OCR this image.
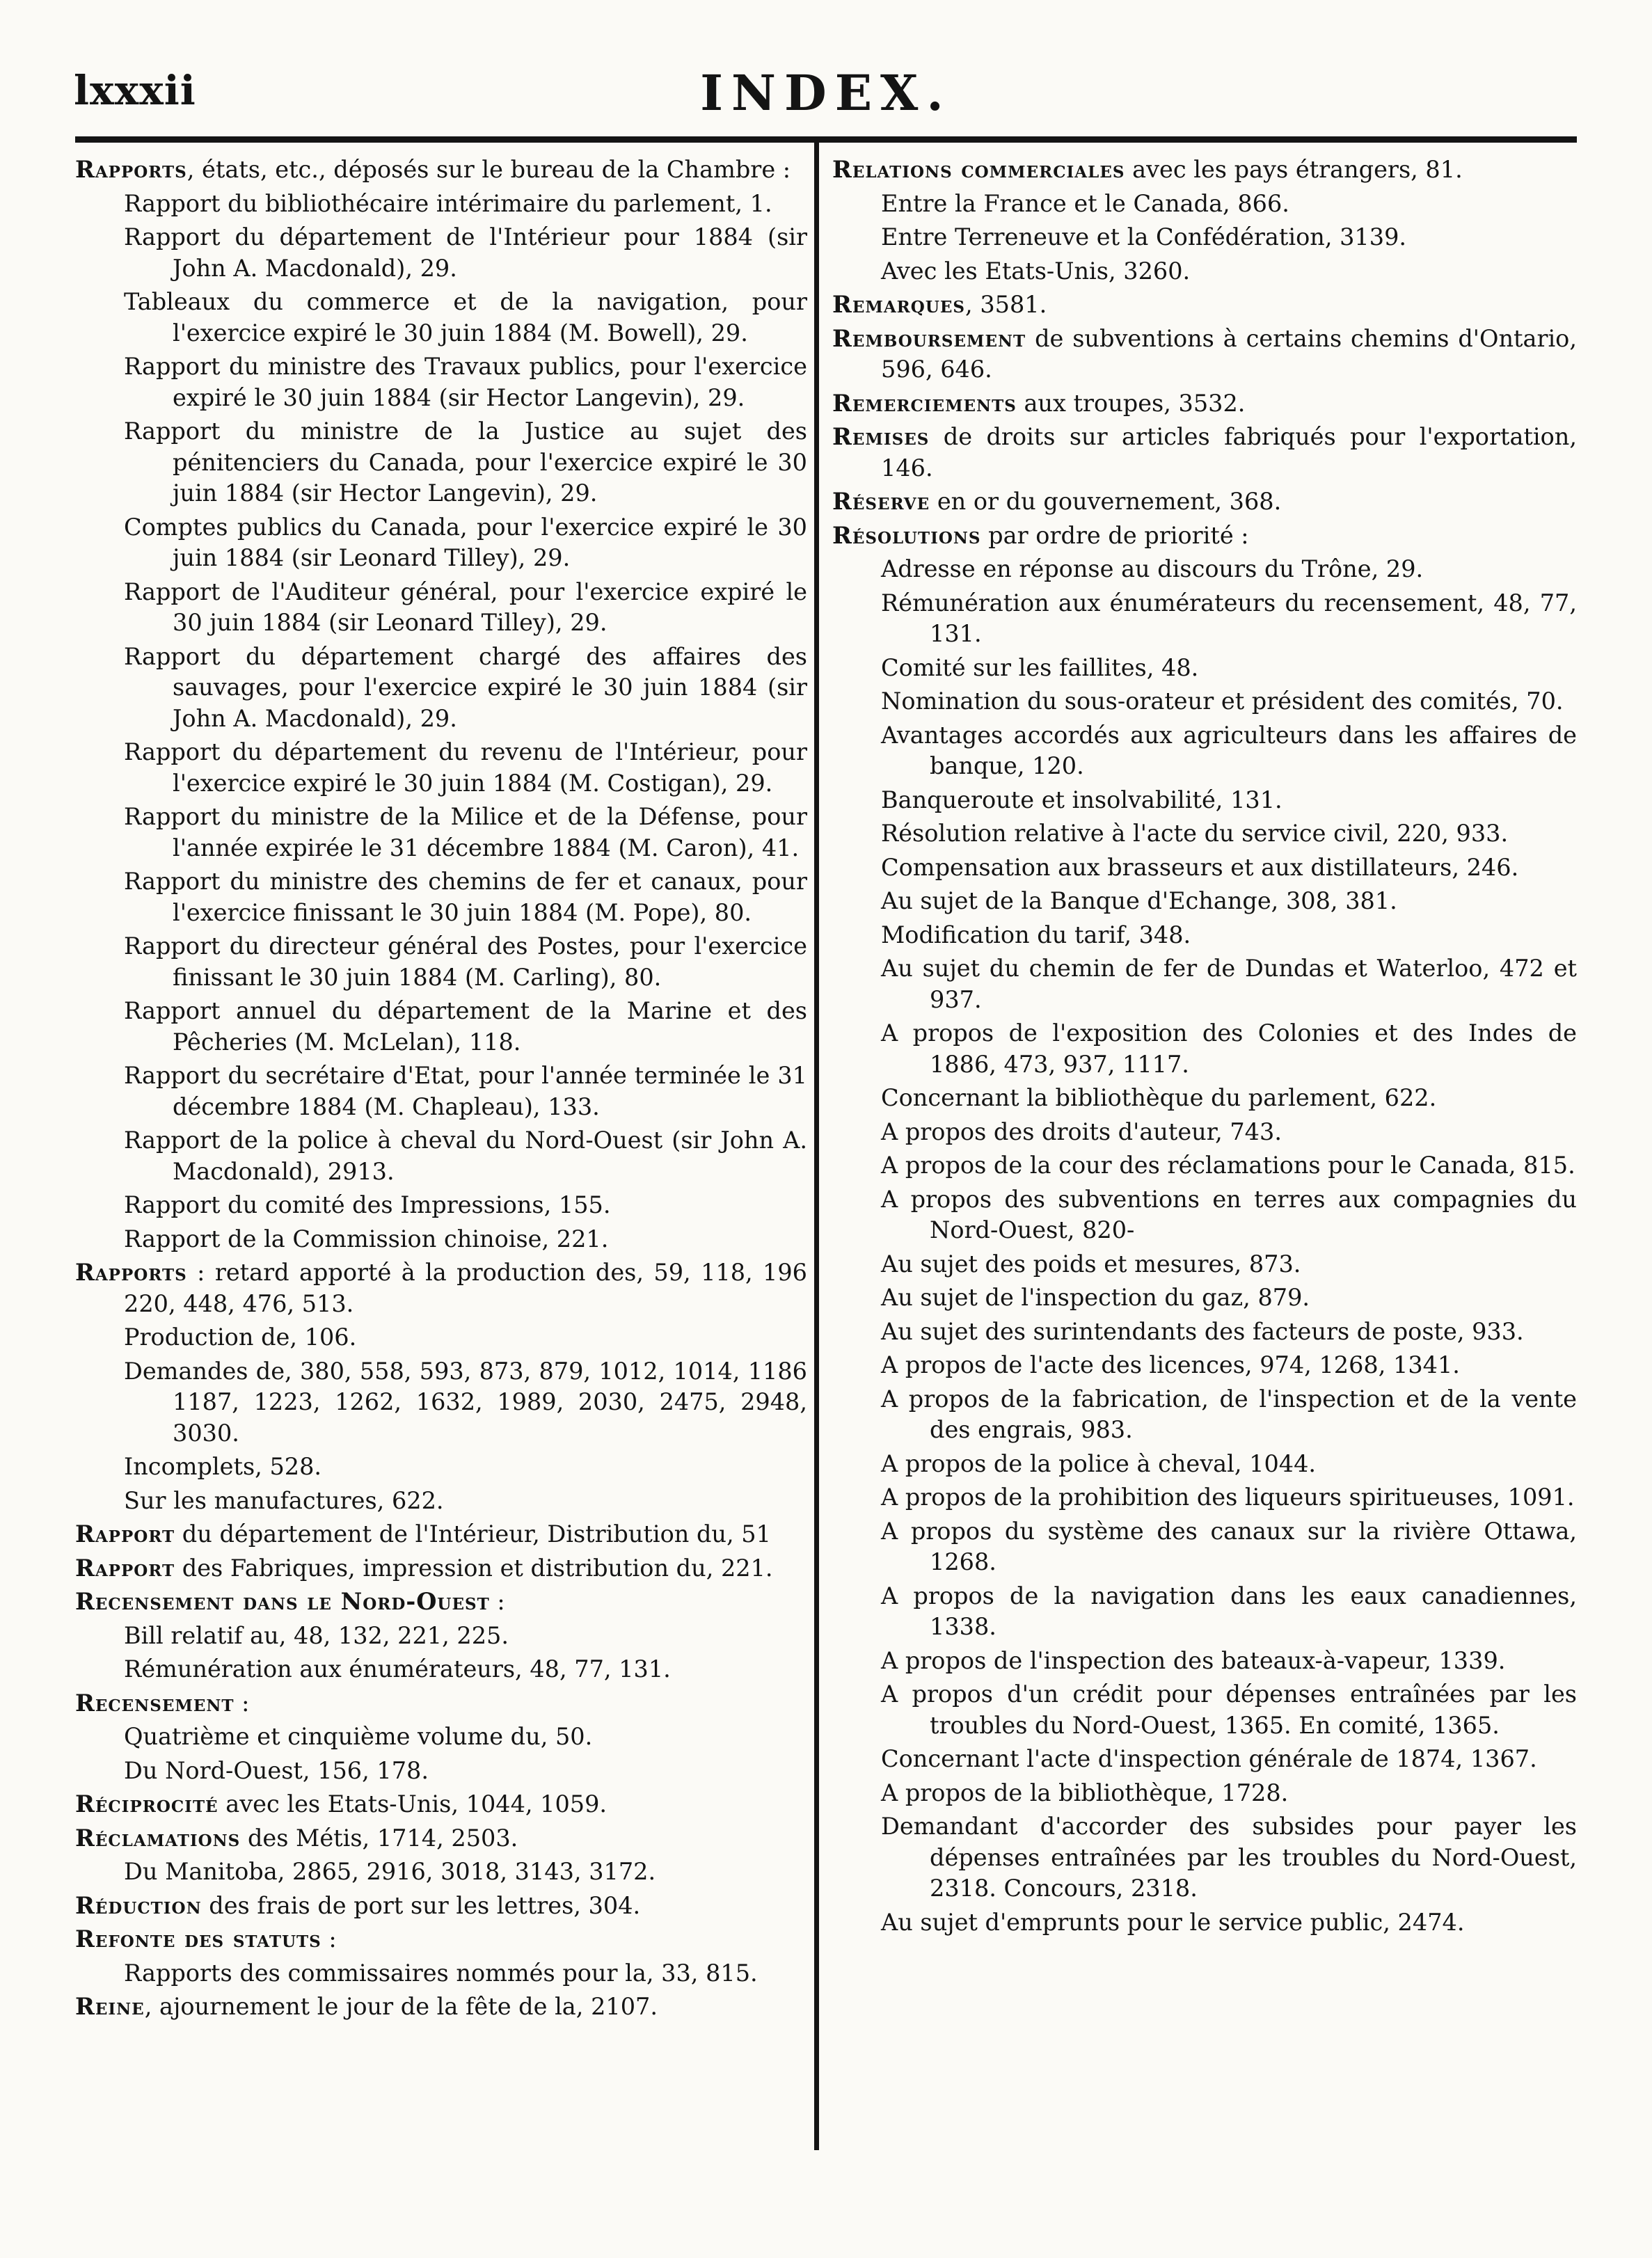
lxxxii	INDEX.

Rapports, états, etc., déposés sur le bureau de la Chambre :

Rapport du bibliothécaire intérimaire du parlement, 1.

Rapport du département de l'Intérieur pour 1884 (sir John A. Macdonald), 29.

Tableaux du commerce et de la navigation, pour l'exercice expiré le 30 juin 1884 (M. Bowell), 29.

Rapport du ministre des Travaux publics, pour l'exercice expiré le 30 juin 1884 (sir Hector Langevin), 29.

Rapport du ministre de la Justice au sujet des pénitenciers du Canada, pour l'exercice expiré le 30 juin 1884 (sir Hector Langevin), 29.

Comptes publics du Canada, pour l'exercice expiré le 30 juin 1884 (sir Leonard Tilley), 29.

Rapport de l'Auditeur général, pour l'exercice expiré le 30 juin 1884 (sir Leonard Tilley), 29.

Rapport du département chargé des affaires des sauvages, pour l'exercice expiré le 30 juin 1884 (sir John A. Macdonald), 29.

Rapport du département du revenu de l'Intérieur, pour l'exercice expiré le 30 juin 1884 (M. Costigan), 29.

Rapport du ministre de la Milice et de la Défense, pour l'année expirée le 31 décembre 1884 (M. Caron), 41.

Rapport du ministre des chemins de fer et canaux, pour l'exercice finissant le 30 juin 1884 (M. Pope), 80.

Rapport du directeur général des Postes, pour l'exercice finissant le 30 juin 1884 (M. Carling), 80.

Rapport annuel du département de la Marine et des Pêcheries (M. McLelan), 118.

Rapport du secrétaire d'Etat, pour l'année terminée le 31 décembre 1884 (M. Chapleau), 133.

Rapport de la police à cheval du Nord-Ouest (sir John A. Macdonald), 2913.

Rapport du comité des Impressions, 155.

Rapport de la Commission chinoise, 221.

Rapports : retard apporté à la production des, 59, 118, 196 220, 448, 476, 513.

Production de, 106.

Demandes de, 380, 558, 593, 873, 879, 1012, 1014, 1186 1187, 1223, 1262, 1632, 1989, 2030, 2475, 2948, 3030.

Incomplets, 528.

Sur les manufactures, 622.

Rapport du département de l'Intérieur, Distribution du, 51

Rapport des Fabriques, impression et distribution du, 221.

Recensement dans le Nord-Ouest :

Bill relatif au, 48, 132, 221, 225.

Rémunération aux énumérateurs, 48, 77, 131.

Recensement :

Quatrième et cinquième volume du, 50.

Du Nord-Ouest, 156, 178.

Réciprocité avec les Etats-Unis, 1044, 1059.

Réclamations des Métis, 1714, 2503.

Du Manitoba, 2865, 2916, 3018, 3143, 3172.

Réduction des frais de port sur les lettres, 304.

Refonte des statuts :

Rapports des commissaires nommés pour la, 33, 815.

Reine, ajournement le jour de la fête de la, 2107.

Relations commerciales avec les pays étrangers, 81.

Entre la France et le Canada, 866.

Entre Terreneuve et la Confédération, 3139.

Avec les Etats-Unis, 3260.

Remarques, 3581.

Remboursement de subventions à certains chemins d'Ontario, 596, 646.

Remerciements aux troupes, 3532.

Remises de droits sur articles fabriqués pour l'exportation, 146.

Réserve en or du gouvernement, 368.

Résolutions par ordre de priorité :

Adresse en réponse au discours du Trône, 29.

Rémunération aux énumérateurs du recensement, 48, 77, 131.

Comité sur les faillites, 48.

Nomination du sous-orateur et président des comités, 70.

Avantages accordés aux agriculteurs dans les affaires de banque, 120.

Banqueroute et insolvabilité, 131.

Résolution relative à l'acte du service civil, 220, 933.

Compensation aux brasseurs et aux distillateurs, 246.

Au sujet de la Banque d'Echange, 308, 381.

Modification du tarif, 348.

Au sujet du chemin de fer de Dundas et Waterloo, 472 et 937.

A propos de l'exposition des Colonies et des Indes de 1886, 473, 937, 1117.

Concernant la bibliothèque du parlement, 622.

A propos des droits d'auteur, 743.

A propos de la cour des réclamations pour le Canada, 815.

A propos des subventions en terres aux compagnies du Nord-Ouest, 820-

Au sujet des poids et mesures, 873.

Au sujet de l'inspection du gaz, 879.

Au sujet des surintendants des facteurs de poste, 933.

A propos de l'acte des licences, 974, 1268, 1341.

A propos de la fabrication, de l'inspection et de la vente des engrais, 983.

A propos de la police à cheval, 1044.

A propos de la prohibition des liqueurs spiritueuses, 1091.

A propos du système des canaux sur la rivière Ottawa, 1268.

A propos de la navigation dans les eaux canadiennes, 1338.

A propos de l'inspection des bateaux-à-vapeur, 1339.

A propos d'un crédit pour dépenses entraînées par les troubles du Nord-Ouest, 1365. En comité, 1365.

Concernant l'acte d'inspection générale de 1874, 1367.

A propos de la bibliothèque, 1728.

Demandant d'accorder des subsides pour payer les dépenses entraînées par les troubles du Nord-Ouest, 2318. Concours, 2318.

Au sujet d'emprunts pour le service public, 2474.
